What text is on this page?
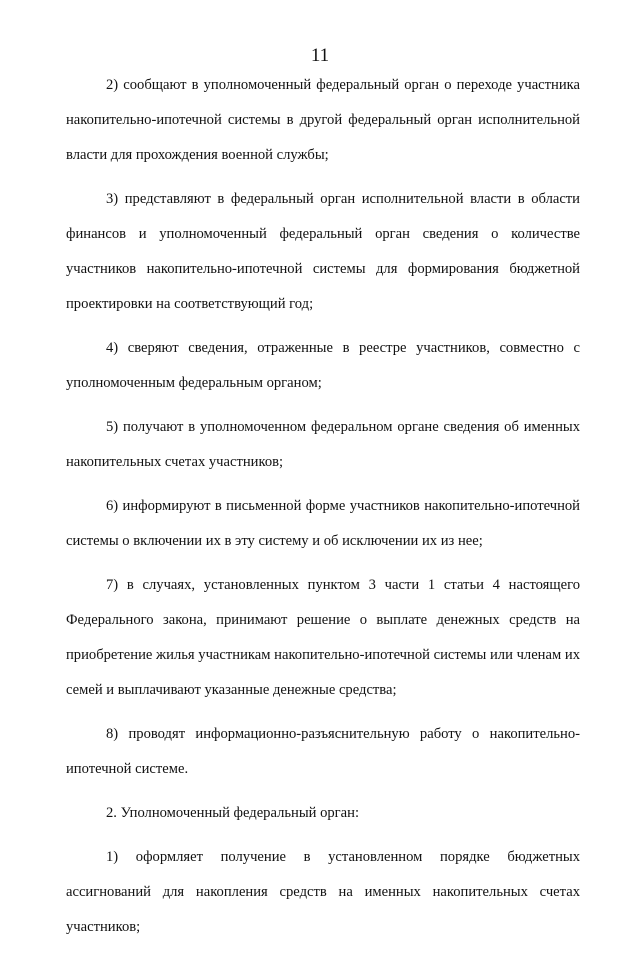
11

2) сообщают в уполномоченный федеральный орган о переходе участника накопительно-ипотечной системы в другой федеральный орган исполнительной власти для прохождения военной службы;

3) представляют в федеральный орган исполнительной власти в области финансов и уполномоченный федеральный орган сведения о количестве участников накопительно-ипотечной системы для формирования бюджетной проектировки на соответствующий год;

4) сверяют сведения, отраженные в реестре участников, совместно с уполномоченным федеральным органом;

5) получают в уполномоченном федеральном органе сведения об именных накопительных счетах участников;

6) информируют в письменной форме участников накопительно-ипотечной системы о включении их в эту систему и об исключении их из нее;

7) в случаях, установленных пунктом 3 части 1 статьи 4 настоящего Федерального закона, принимают решение о выплате денежных средств на приобретение жилья участникам накопительно-ипотечной системы или членам их семей и выплачивают указанные денежные средства;

8) проводят информационно-разъяснительную работу о накопительно-ипотечной системе.

2. Уполномоченный федеральный орган:

1) оформляет получение в установленном порядке бюджетных ассигнований для накопления средств на именных накопительных счетах участников;
